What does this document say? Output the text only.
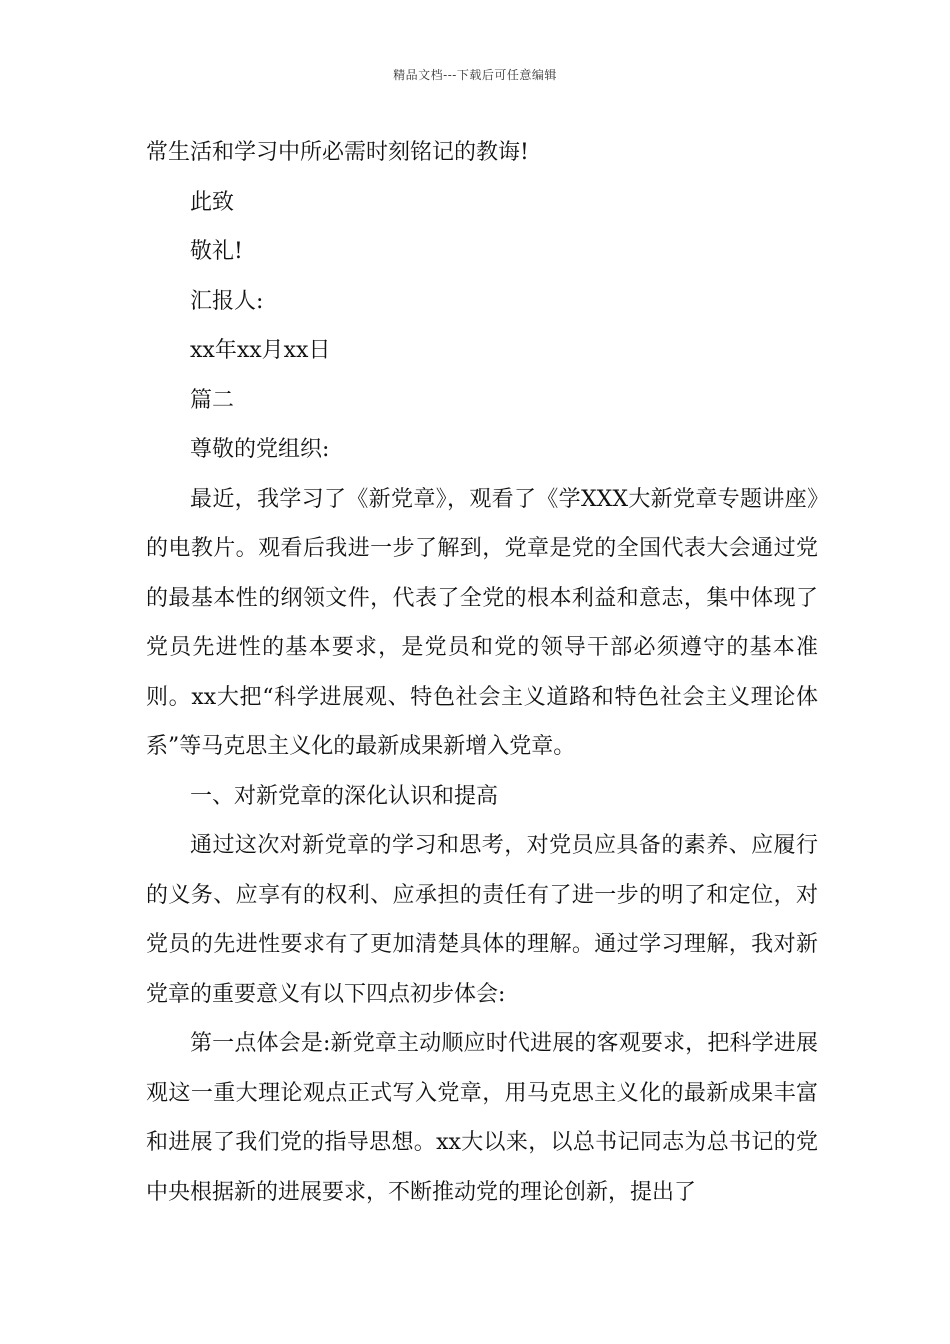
精品文档---下载后可任意编辑

常生活和学习中所必需时刻铭记的教诲!

此致

敬礼!

汇报人:

xx年xx月xx日

篇二

尊敬的党组织:

最近，我学习了《新党章》，观看了《学XXX大新党章专题讲座》的电教片。观看后我进一步了解到，党章是党的全国代表大会通过党的最基本性的纲领文件，代表了全党的根本利益和意志，集中体现了党员先进性的基本要求，是党员和党的领导干部必须遵守的基本准则。xx大把“科学进展观、特色社会主义道路和特色社会主义理论体系”等马克思主义化的最新成果新增入党章。

一、对新党章的深化认识和提高

通过这次对新党章的学习和思考，对党员应具备的素养、应履行的义务、应享有的权利、应承担的责任有了进一步的明了和定位，对党员的先进性要求有了更加清楚具体的理解。通过学习理解，我对新党章的重要意义有以下四点初步体会:

第一点体会是:新党章主动顺应时代进展的客观要求，把科学进展观这一重大理论观点正式写入党章，用马克思主义化的最新成果丰富和进展了我们党的指导思想。xx大以来，以总书记同志为总书记的党中央根据新的进展要求，不断推动党的理论创新，提出了
